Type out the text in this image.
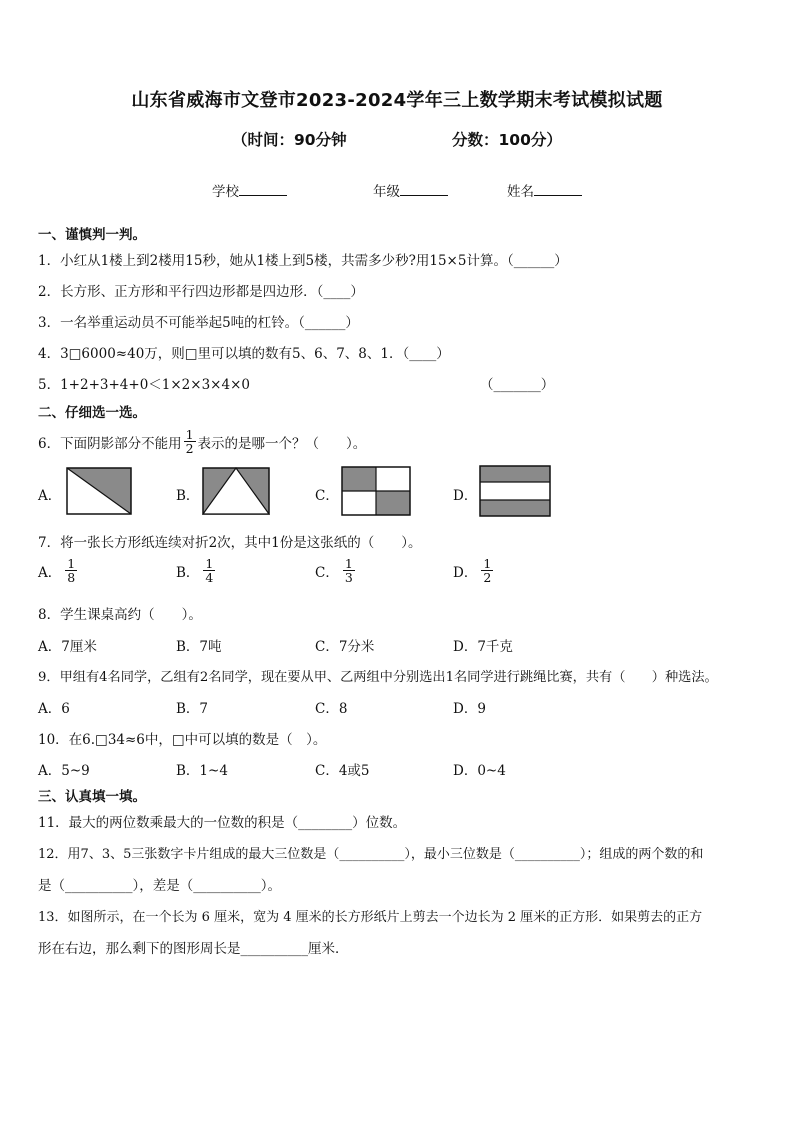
山东省威海市文登市2023-2024学年三上数学期末考试模拟试题
（时间：90分钟	分数：100分）
学校	年级	姓名
一、谨慎判一判。
1．小红从1楼上到2楼用15秒，她从1楼上到5楼，共需多少秒?用15×5计算。（______）
2．长方形、正方形和平行四边形都是四边形．（____）
3．一名举重运动员不可能举起5吨的杠铃。（______）
4．3□6000≈40万，则□里可以填的数有5、6、7、8、1．（____）
5．1+2+3+4+0＜1×2×3×4×0	（_______）
二、仔细选一选。
6．下面阴影部分不能用 $\frac{1}{2}$ 表示的是哪一个？（　　）。
A．	B．	C．	D．
7．将一张长方形纸连续对折2次，其中1份是这张纸的（　　）。
A． $\frac{1}{8}$	B． $\frac{1}{4}$	C． $\frac{1}{3}$	D． $\frac{1}{2}$
8．学生课桌高约（　　）。
A．7厘米	B．7吨	C．7分米	D．7千克
9．甲组有4名同学，乙组有2名同学，现在要从甲、乙两组中分别选出1名同学进行跳绳比赛，共有（　　）种选法。
A．6	B．7	C．8	D．9
10．在6.□34≈6中，□中可以填的数是（　）。
A．5~9	B．1~4	C．4或5	D．0~4
三、认真填一填。
11．最大的两位数乘最大的一位数的积是（________）位数。
12．用7、3、5三张数字卡片组成的最大三位数是（__________），最小三位数是（__________）；组成的两个数的和
是（__________），差是（__________）。
13．如图所示，在一个长为 6 厘米，宽为 4 厘米的长方形纸片上剪去一个边长为 2 厘米的正方形．如果剪去的正方
形在右边，那么剩下的图形周长是__________厘米．
